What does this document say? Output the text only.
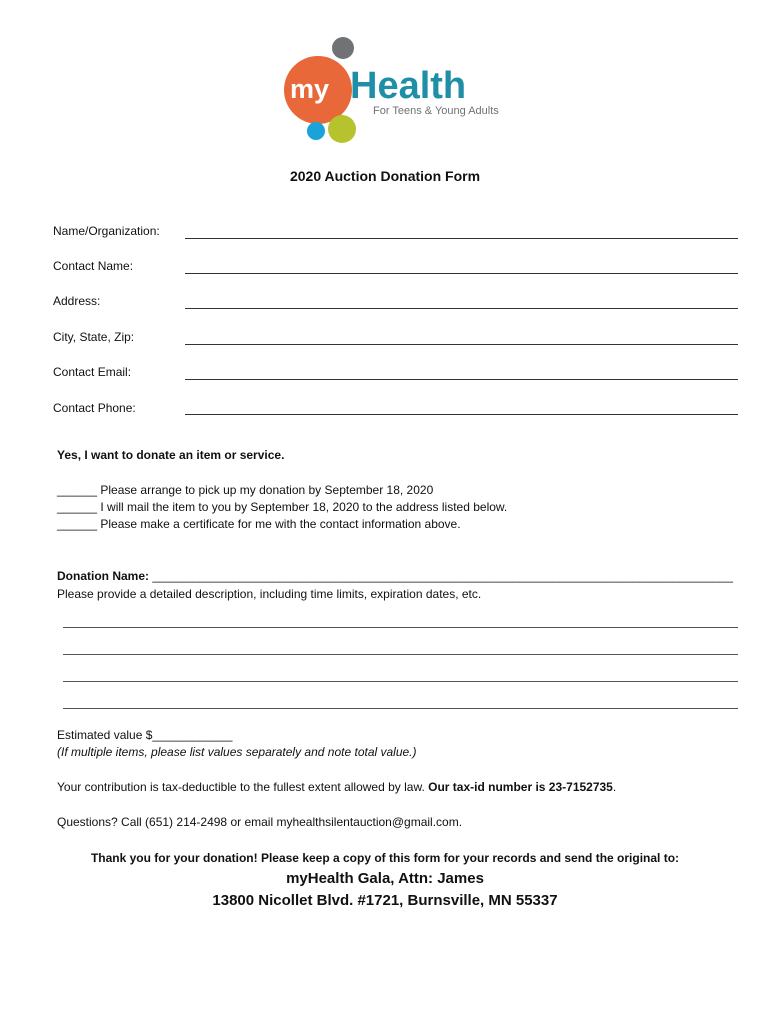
my Health
For Teens & Young Adults
2020 Auction Donation Form
Name/Organization:
Contact Name:
Address:
City, State, Zip:
Contact Email:
Contact Phone:
Yes, I want to donate an item or service.
______ Please arrange to pick up my donation by September 18, 2020
______ I will mail the item to you by September 18, 2020 to the address listed below.
______ Please make a certificate for me with the contact information above.
Donation Name: _______________________________________________________________________________________
Please provide a detailed description, including time limits, expiration dates, etc.
Estimated value $____________
(If multiple items, please list values separately and note total value.)
Your contribution is tax-deductible to the fullest extent allowed by law. Our tax-id number is 23-7152735.
Questions? Call (651) 214-2498 or email myhealthsilentauction@gmail.com.
Thank you for your donation! Please keep a copy of this form for your records and send the original to:
myHealth Gala, Attn: James
13800 Nicollet Blvd. #1721, Burnsville, MN 55337
